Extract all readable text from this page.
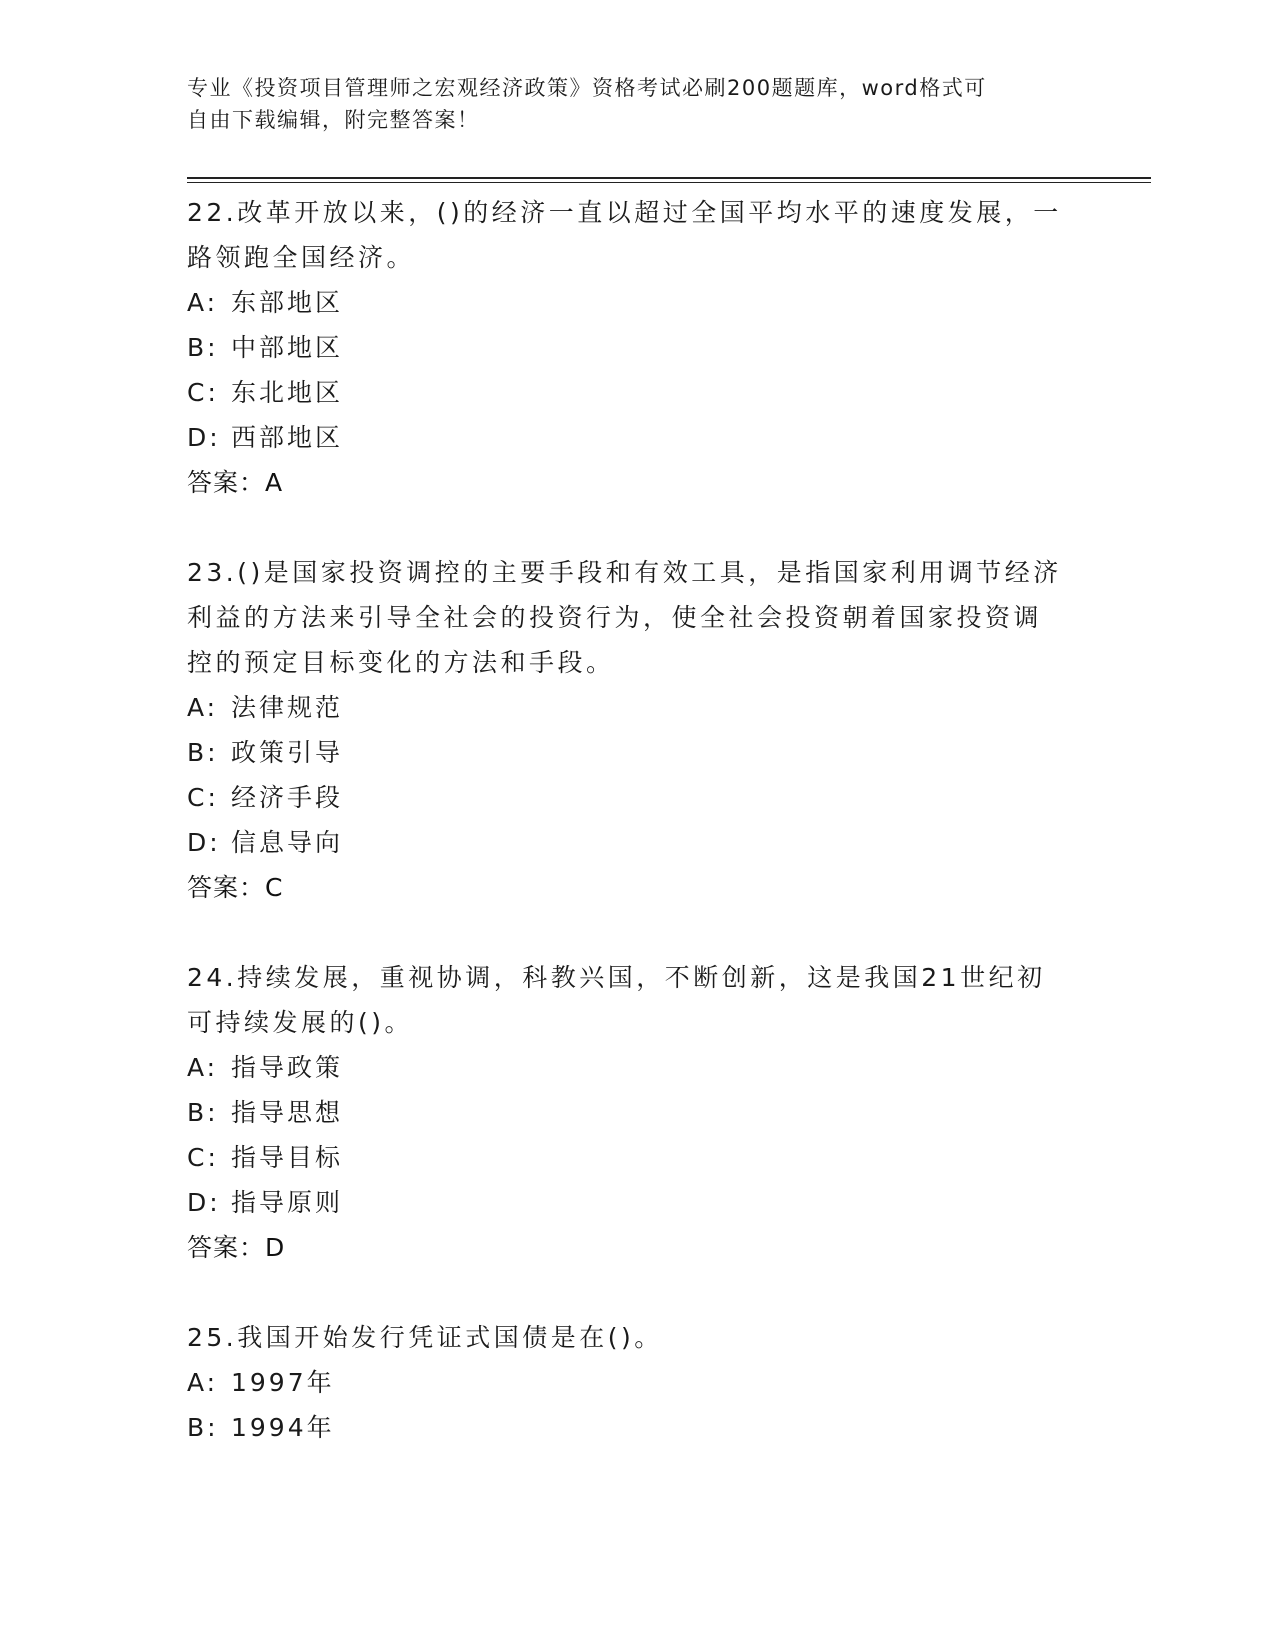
专业《投资项目管理师之宏观经济政策》资格考试必刷200题题库，word格式可
自由下载编辑，附完整答案！

22.改革开放以来，()的经济一直以超过全国平均水平的速度发展，一

路领跑全国经济。

A: 东部地区

B: 中部地区

C: 东北地区

D: 西部地区

答案：A

23.()是国家投资调控的主要手段和有效工具，是指国家利用调节经济

利益的方法来引导全社会的投资行为，使全社会投资朝着国家投资调

控的预定目标变化的方法和手段。

A: 法律规范

B: 政策引导

C: 经济手段

D: 信息导向

答案：C

24.持续发展，重视协调，科教兴国，不断创新，这是我国21世纪初

可持续发展的()。

A: 指导政策

B: 指导思想

C: 指导目标

D: 指导原则

答案：D

25.我国开始发行凭证式国债是在()。

A: 1997年

B: 1994年
